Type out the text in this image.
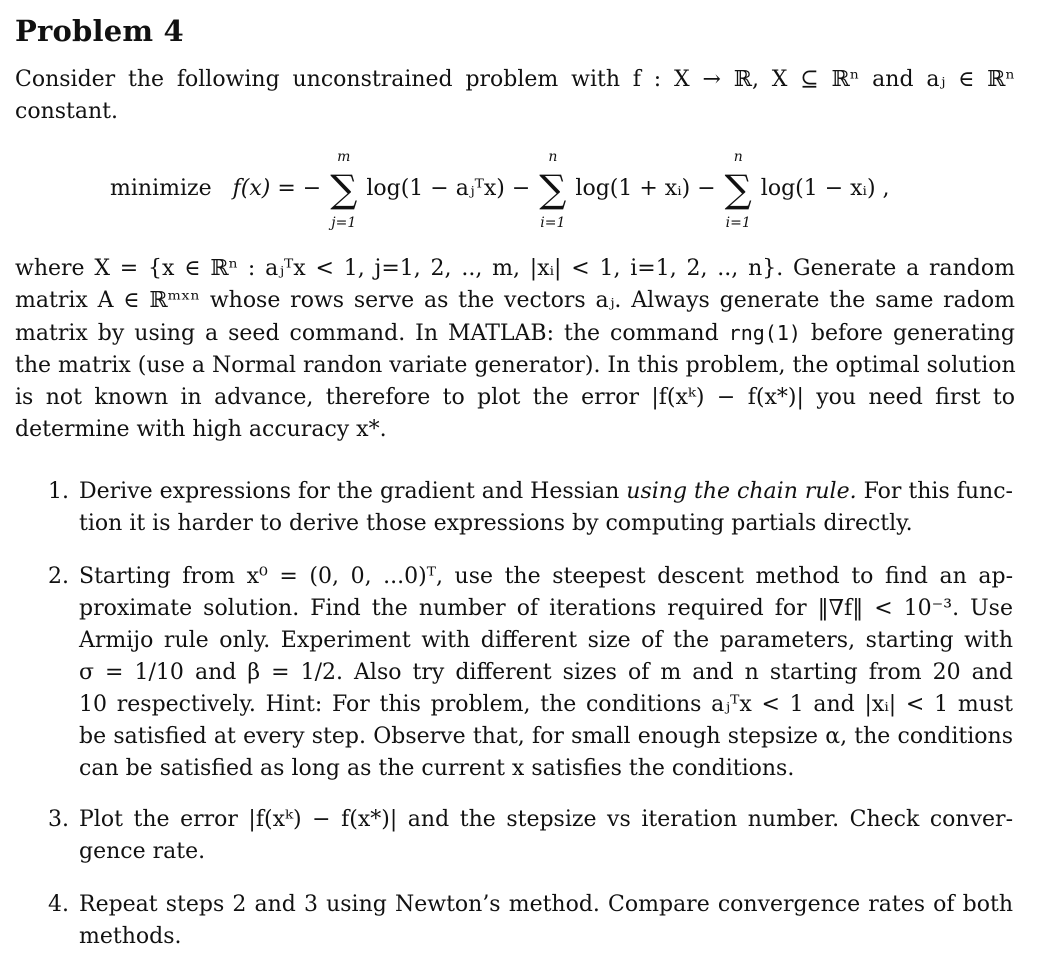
Problem 4
Consider the following unconstrained problem with f : X → ℝ, X ⊆ ℝⁿ and aⱼ ∈ ℝⁿ
constant.
minimize f(x) = −
m
∑
j=1
log(1 − aⱼᵀx) −
n
∑
i=1
log(1 + xᵢ) −
n
∑
i=1
log(1 − xᵢ) ,
where X = {x ∈ ℝⁿ : aⱼᵀx < 1, j=1, 2, .., m, |xᵢ| < 1, i=1, 2, .., n}. Generate a random
matrix A ∈ ℝᵐˣⁿ whose rows serve as the vectors aⱼ. Always generate the same radom
matrix by using a seed command. In MATLAB: the command rng(1) before generating
the matrix (use a Normal randon variate generator). In this problem, the optimal solution
is not known in advance, therefore to plot the error |f(xᵏ) − f(x*)| you need first to
determine with high accuracy x*.
1. Derive expressions for the gradient and Hessian using the chain rule. For this func-
tion it is harder to derive those expressions by computing partials directly.
2. Starting from x⁰ = (0, 0, ...0)ᵀ, use the steepest descent method to find an ap-
proximate solution. Find the number of iterations required for ‖∇f‖ < 10⁻³. Use
Armijo rule only. Experiment with different size of the parameters, starting with
σ = 1/10 and β = 1/2. Also try different sizes of m and n starting from 20 and
10 respectively. Hint: For this problem, the conditions aⱼᵀx < 1 and |xᵢ| < 1 must
be satisfied at every step. Observe that, for small enough stepsize α, the conditions
can be satisfied as long as the current x satisfies the conditions.
3. Plot the error |f(xᵏ) − f(x*)| and the stepsize vs iteration number. Check conver-
gence rate.
4. Repeat steps 2 and 3 using Newton’s method. Compare convergence rates of both
methods.
